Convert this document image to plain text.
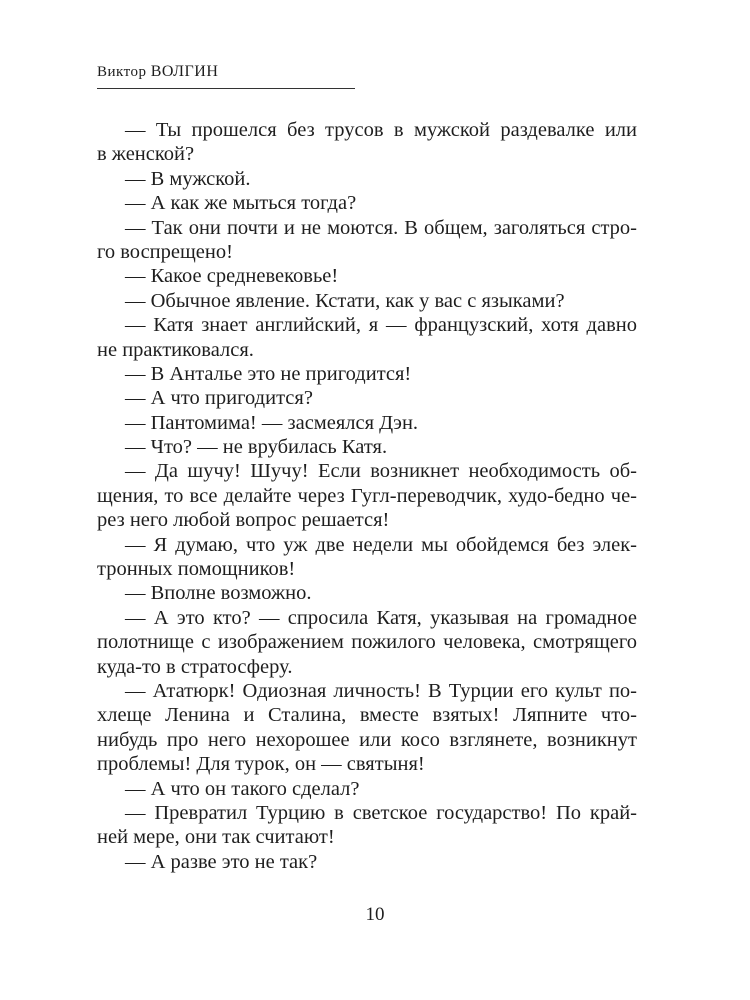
Виктор ВОЛГИН
— Ты прошелся без трусов в мужской раздевалке или
в женской?
— В мужской.
— А как же мыться тогда?
— Так они почти и не моются. В общем, заголяться стро-
го воспрещено!
— Какое средневековье!
— Обычное явление. Кстати, как у вас с языками?
— Катя знает английский, я — французский, хотя давно
не практиковался.
— В Анталье это не пригодится!
— А что пригодится?
— Пантомима! — засмеялся Дэн.
— Что? — не врубилась Катя.
— Да шучу! Шучу! Если возникнет необходимость об-
щения, то все делайте через Гугл-переводчик, худо-бедно че-
рез него любой вопрос решается!
— Я думаю, что уж две недели мы обойдемся без элек-
тронных помощников!
— Вполне возможно.
— А это кто? — спросила Катя, указывая на громадное
полотнище с изображением пожилого человека, смотрящего
куда-то в стратосферу.
— Ататюрк! Одиозная личность! В Турции его культ по-
хлеще Ленина и Сталина, вместе взятых! Ляпните что-
нибудь про него нехорошее или косо взглянете, возникнут
проблемы! Для турок, он — святыня!
— А что он такого сделал?
— Превратил Турцию в светское государство! По край-
ней мере, они так считают!
— А разве это не так?
10
